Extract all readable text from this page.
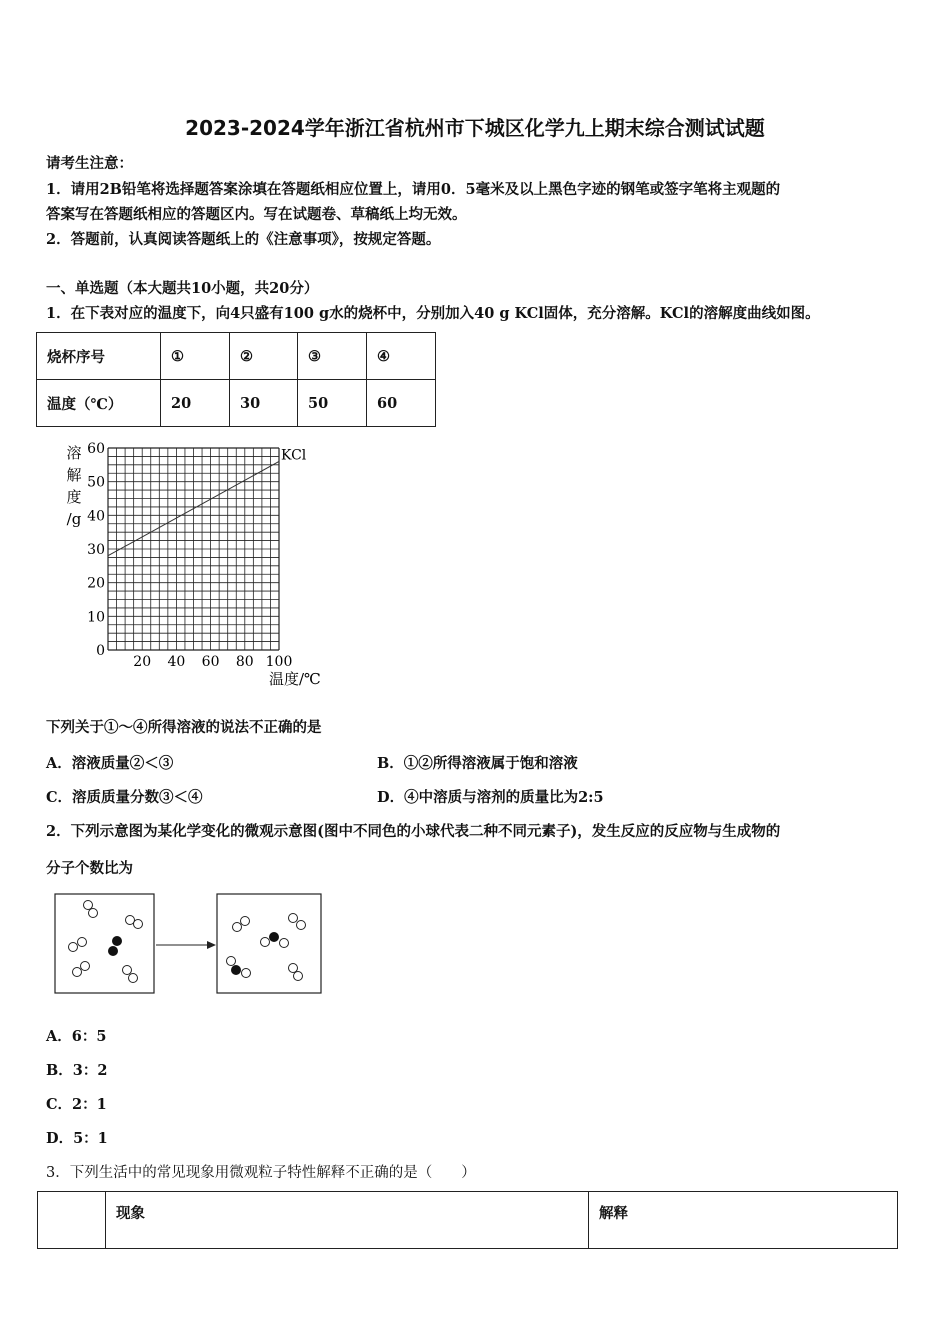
2023-2024学年浙江省杭州市下城区化学九上期末综合测试试题
请考生注意：
1．请用2B铅笔将选择题答案涂填在答题纸相应位置上，请用0．5毫米及以上黑色字迹的钢笔或签字笔将主观题的
答案写在答题纸相应的答题区内。写在试题卷、草稿纸上均无效。
2．答题前，认真阅读答题纸上的《注意事项》，按规定答题。
一、单选题（本大题共10小题，共20分）
1．在下表对应的温度下，向4只盛有100 g水的烧杯中，分别加入40 g KCl固体，充分溶解。KCl的溶解度曲线如图。
烧杯序号	①	②	③	④
温度（℃）	20	30	50	60
KCl
0
10
20
30
40
50
60
20 40 60 80 100
溶
解
度
/g
温度/℃
下列关于①～④所得溶液的说法不正确的是
A．溶液质量②＜③	B．①②所得溶液属于饱和溶液
C．溶质质量分数③＜④	D．④中溶质与溶剂的质量比为2:5
2．下列示意图为某化学变化的微观示意图(图中不同色的小球代表二种不同元素子)，发生反应的反应物与生成物的
分子个数比为
A．6：5
B．3：2
C．2：1
D．5：1
3．下列生活中的常见现象用微观粒子特性解释不正确的是（　　）
	现象	解释
